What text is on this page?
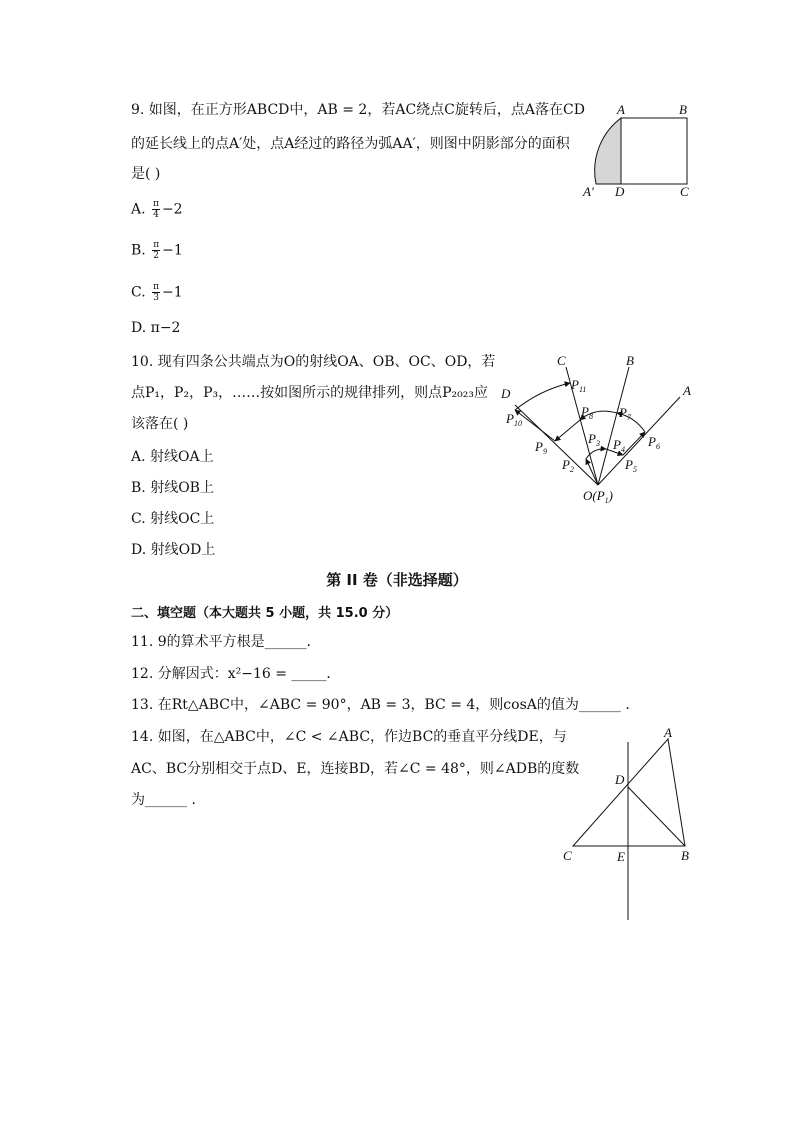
9. 如图，在正方形ABCD中，AB = 2，若AC绕点C旋转后，点A落在CD
的延长线上的点A′处，点A经过的路径为弧AA′，则图中阴影部分的面积
是( )
A. $\frac{\pi}{4} -2$
B. $\frac{\pi}{2} -1$
C. $\frac{\pi}{3} -1$
D. π−2
A	B
C
D
A′
10. 现有四条公共端点为O的射线OA、OB、OC、OD，若
点P₁，P₂，P₃，……按如图所示的规律排列，则点P₂₀₂₃应
该落在( )
A. 射线OA上
B. 射线OB上
C. 射线OC上
D. 射线OD上
A
B
C
D
$O(P_1)$
$P_2$
$P_3$ $P_4$
$P_5$
$P_6$
$P_7$
$P_8$
$P_9$
$P_{10}$
$P_{11}$
第 II 卷（非选择题）
二、填空题（本大题共 5 小题，共 15.0 分）
11. 9的算术平方根是______．
12. 分解因式：x²−16 = _____．
13. 在Rt△ABC中，∠ABC = 90°，AB = 3，BC = 4，则cosA的值为______ ．
14. 如图，在△ABC中，∠C < ∠ABC，作边BC的垂直平分线DE，与
AC、BC分别相交于点D、E，连接BD，若∠C = 48°，则∠ADB的度数
为______ ．
A
B
C
D
E
